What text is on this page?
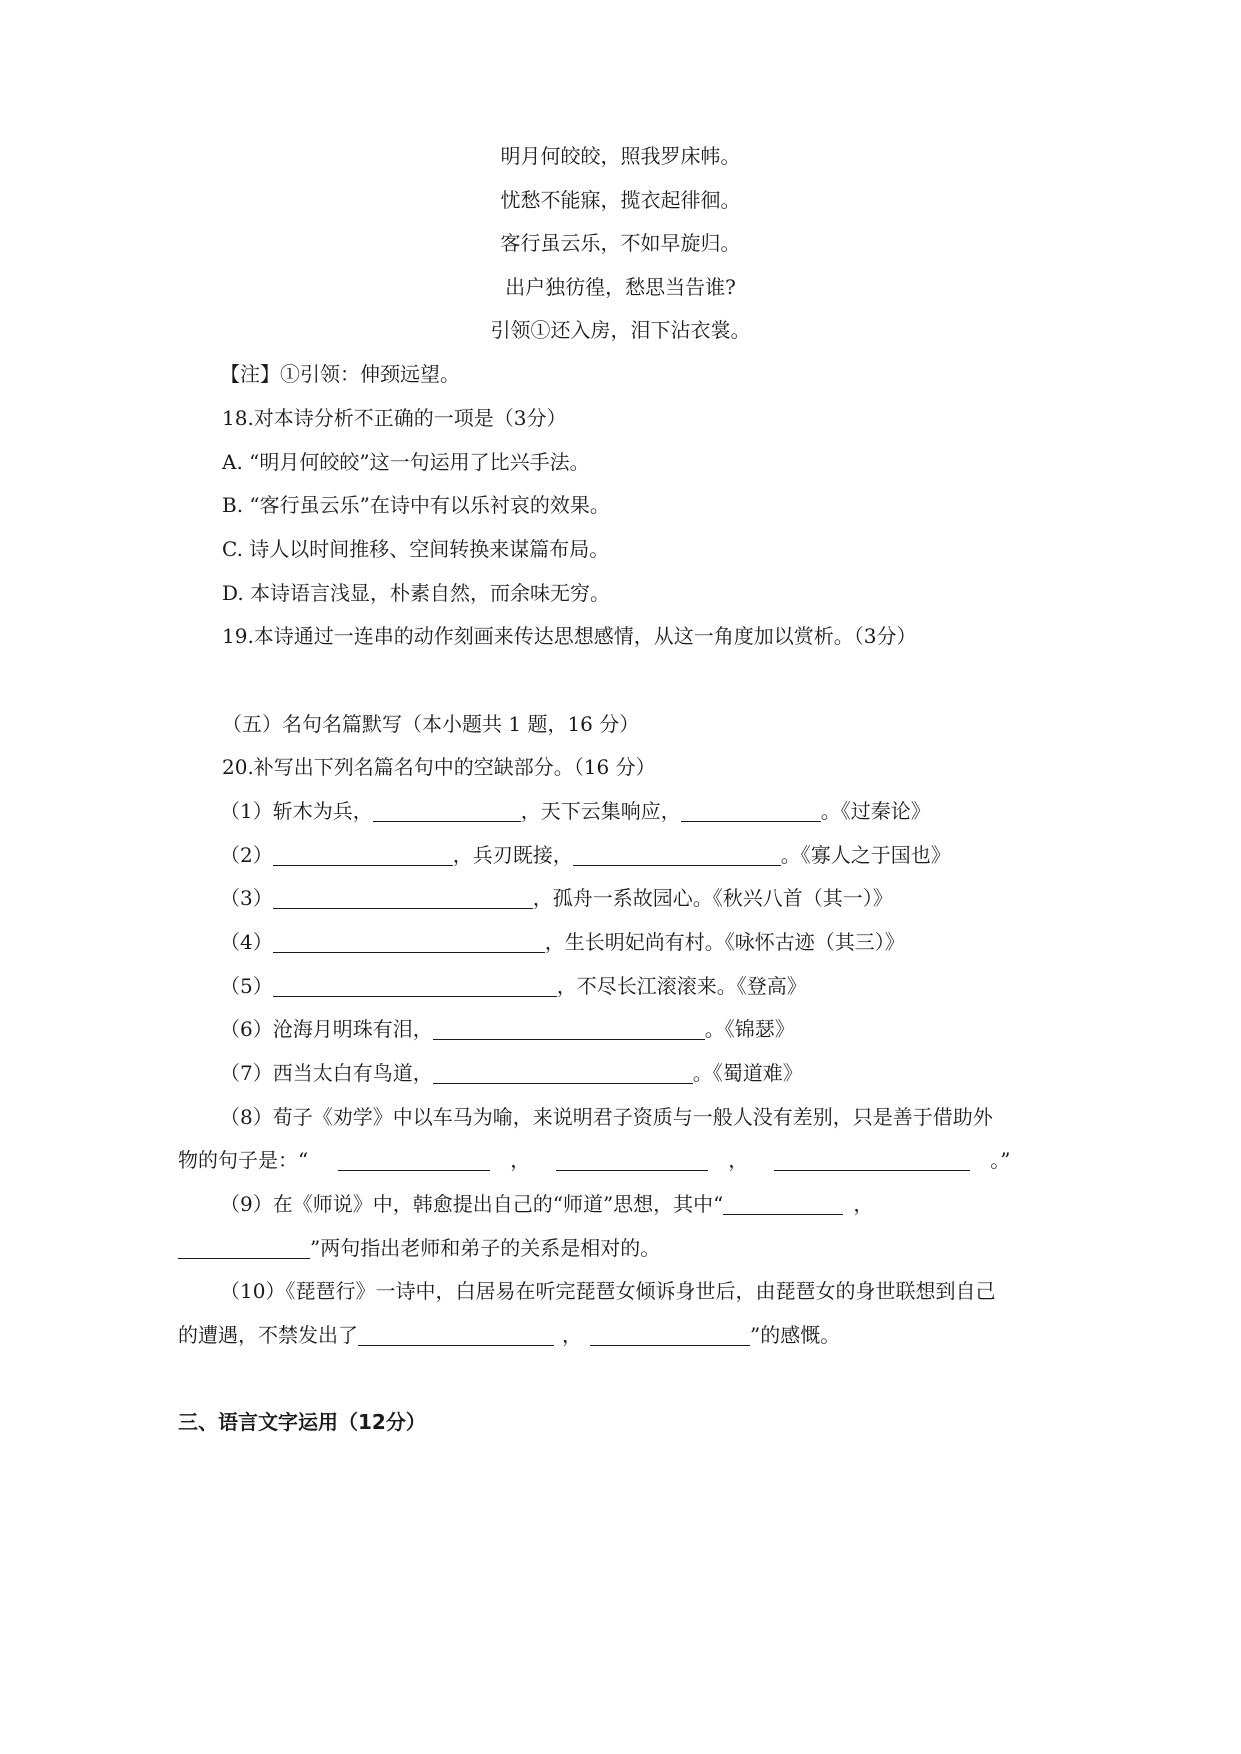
明月何皎皎，照我罗床帏。
忧愁不能寐，揽衣起徘徊。
客行虽云乐，不如早旋归。
出户独彷徨，愁思当告谁?
引领①还入房，泪下沾衣裳。
【注】①引领：伸颈远望。
18.对本诗分析不正确的一项是（3分）
A. “明月何皎皎”这一句运用了比兴手法。
B. “客行虽云乐”在诗中有以乐衬哀的效果。
C. 诗人以时间推移、空间转换来谋篇布局。
D. 本诗语言浅显，朴素自然，而余味无穷。
19.本诗通过一连串的动作刻画来传达思想感情，从这一角度加以赏析。（3分）
（五）名句名篇默写（本小题共 1 题，16 分）
20.补写出下列名篇名句中的空缺部分。（16 分）
（1）斩木为兵，	，天下云集响应，	。《过秦论》
（2）	，兵刃既接，	。《寡人之于国也》
（3）	，孤舟一系故园心。《秋兴八首（其一）》
（4）	，生长明妃尚有村。《咏怀古迹（其三）》
（5）	，不尽长江滚滚来。《登高》
（6）沧海月明珠有泪，	。《锦瑟》
（7）西当太白有鸟道，	。《蜀道难》
（8）荀子《劝学》中以车马为喻，来说明君子资质与一般人没有差别，只是善于借助外
物的句子是：“	，	，	。”
（9）在《师说》中，韩愈提出自己的“师道”思想，其中“	，
”两句指出老师和弟子的关系是相对的。
（10）《琵琶行》一诗中，白居易在听完琵琶女倾诉身世后，由琵琶女的身世联想到自己
的遭遇，不禁发出了	，	”的感慨。
三、语言文字运用（12分）
